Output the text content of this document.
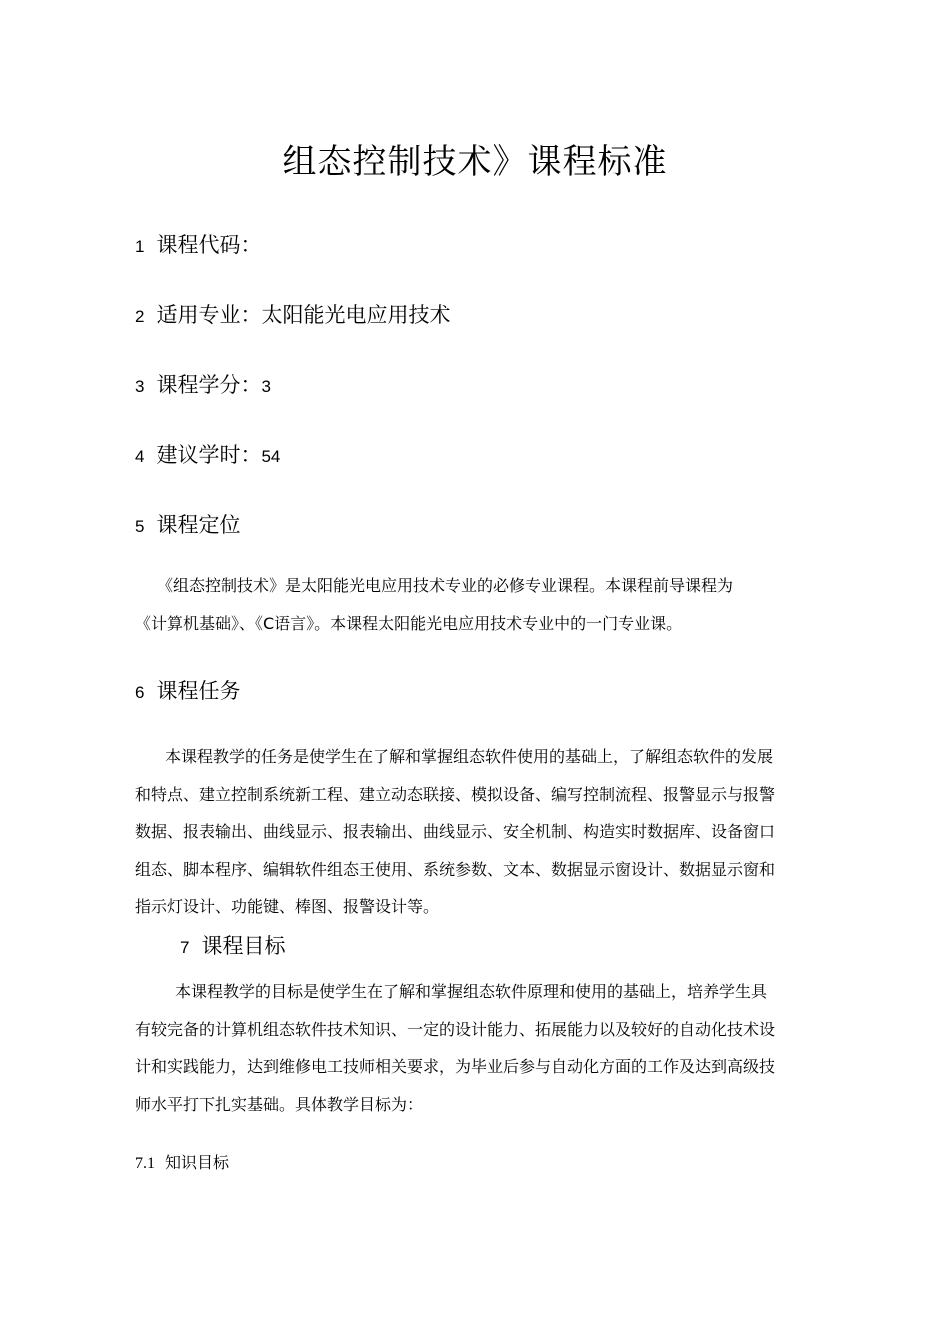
组态控制技术》课程标准
1 课程代码：
2 适用专业：太阳能光电应用技术
3 课程学分：3
4 建议学时：54
5 课程定位
《组态控制技术》是太阳能光电应用技术专业的必修专业课程。本课程前导课程为
《计算机基础》、《C语言》。本课程太阳能光电应用技术专业中的一门专业课。
6 课程任务
本课程教学的任务是使学生在了解和掌握组态软件使用的基础上，了解组态软件的发展
和特点、建立控制系统新工程、建立动态联接、模拟设备、编写控制流程、报警显示与报警
数据、报表输出、曲线显示、报表输出、曲线显示、安全机制、构造实时数据库、设备窗口
组态、脚本程序、编辑软件组态王使用、系统参数、文本、数据显示窗设计、数据显示窗和
指示灯设计、功能键、棒图、报警设计等。
7 课程目标
本课程教学的目标是使学生在了解和掌握组态软件原理和使用的基础上，培养学生具
有较完备的计算机组态软件技术知识、一定的设计能力、拓展能力以及较好的自动化技术设
计和实践能力，达到维修电工技师相关要求，为毕业后参与自动化方面的工作及达到高级技
师水平打下扎实基础。具体教学目标为：
7.1 知识目标
